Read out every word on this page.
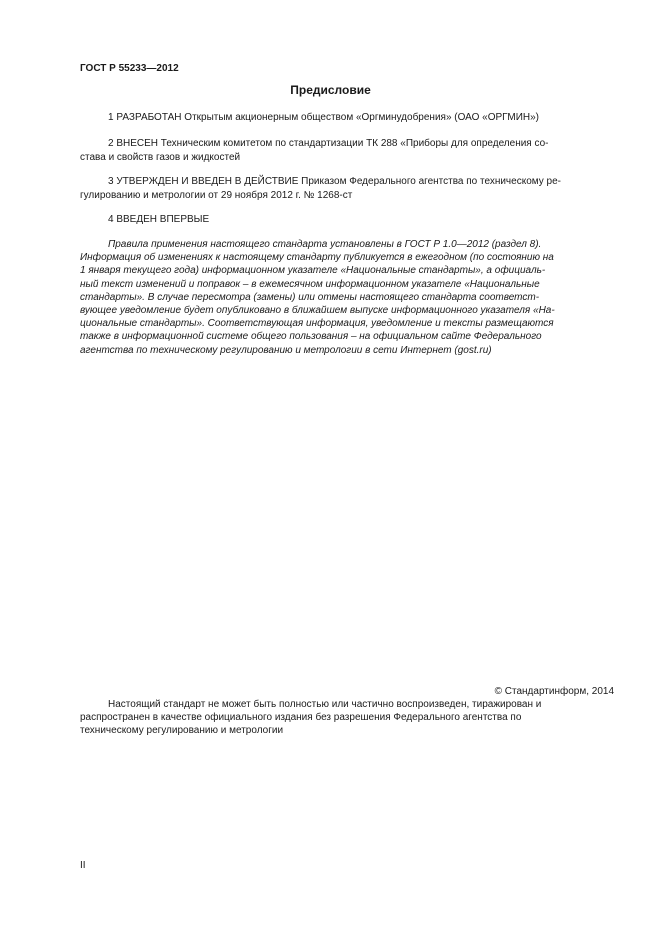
ГОСТ Р 55233—2012
Предисловие
1 РАЗРАБОТАН Открытым акционерным обществом «Оргминудобрения» (ОАО «ОРГМИН»)
2 ВНЕСЕН Техническим комитетом по стандартизации ТК 288 «Приборы для определения со-
става и свойств газов и жидкостей
3 УТВЕРЖДЕН И ВВЕДЕН В ДЕЙСТВИЕ Приказом Федерального агентства по техническому ре-
гулированию и метрологии от 29 ноября 2012 г. № 1268-ст
4 ВВЕДЕН ВПЕРВЫЕ
Правила применения настоящего стандарта установлены в ГОСТ Р 1.0—2012 (раздел 8).
Информация об изменениях к настоящему стандарту публикуется в ежегодном (по состоянию на
1 января текущего года) информационном указателе «Национальные стандарты», а официаль-
ный текст изменений и поправок – в ежемесячном информационном указателе «Национальные
стандарты». В случае пересмотра (замены) или отмены настоящего стандарта соответст-
вующее уведомление будет опубликовано в ближайшем выпуске информационного указателя «На-
циональные стандарты». Соответствующая информация, уведомление и тексты размещаются
также в информационной системе общего пользования – на официальном сайте Федерального
агентства по техническому регулированию и метрологии в сети Интернет (gost.ru)
© Стандартинформ, 2014
Настоящий стандарт не может быть полностью или частично воспроизведен, тиражирован и
распространен в качестве официального издания без разрешения Федерального агентства по
техническому регулированию и метрологии
II
